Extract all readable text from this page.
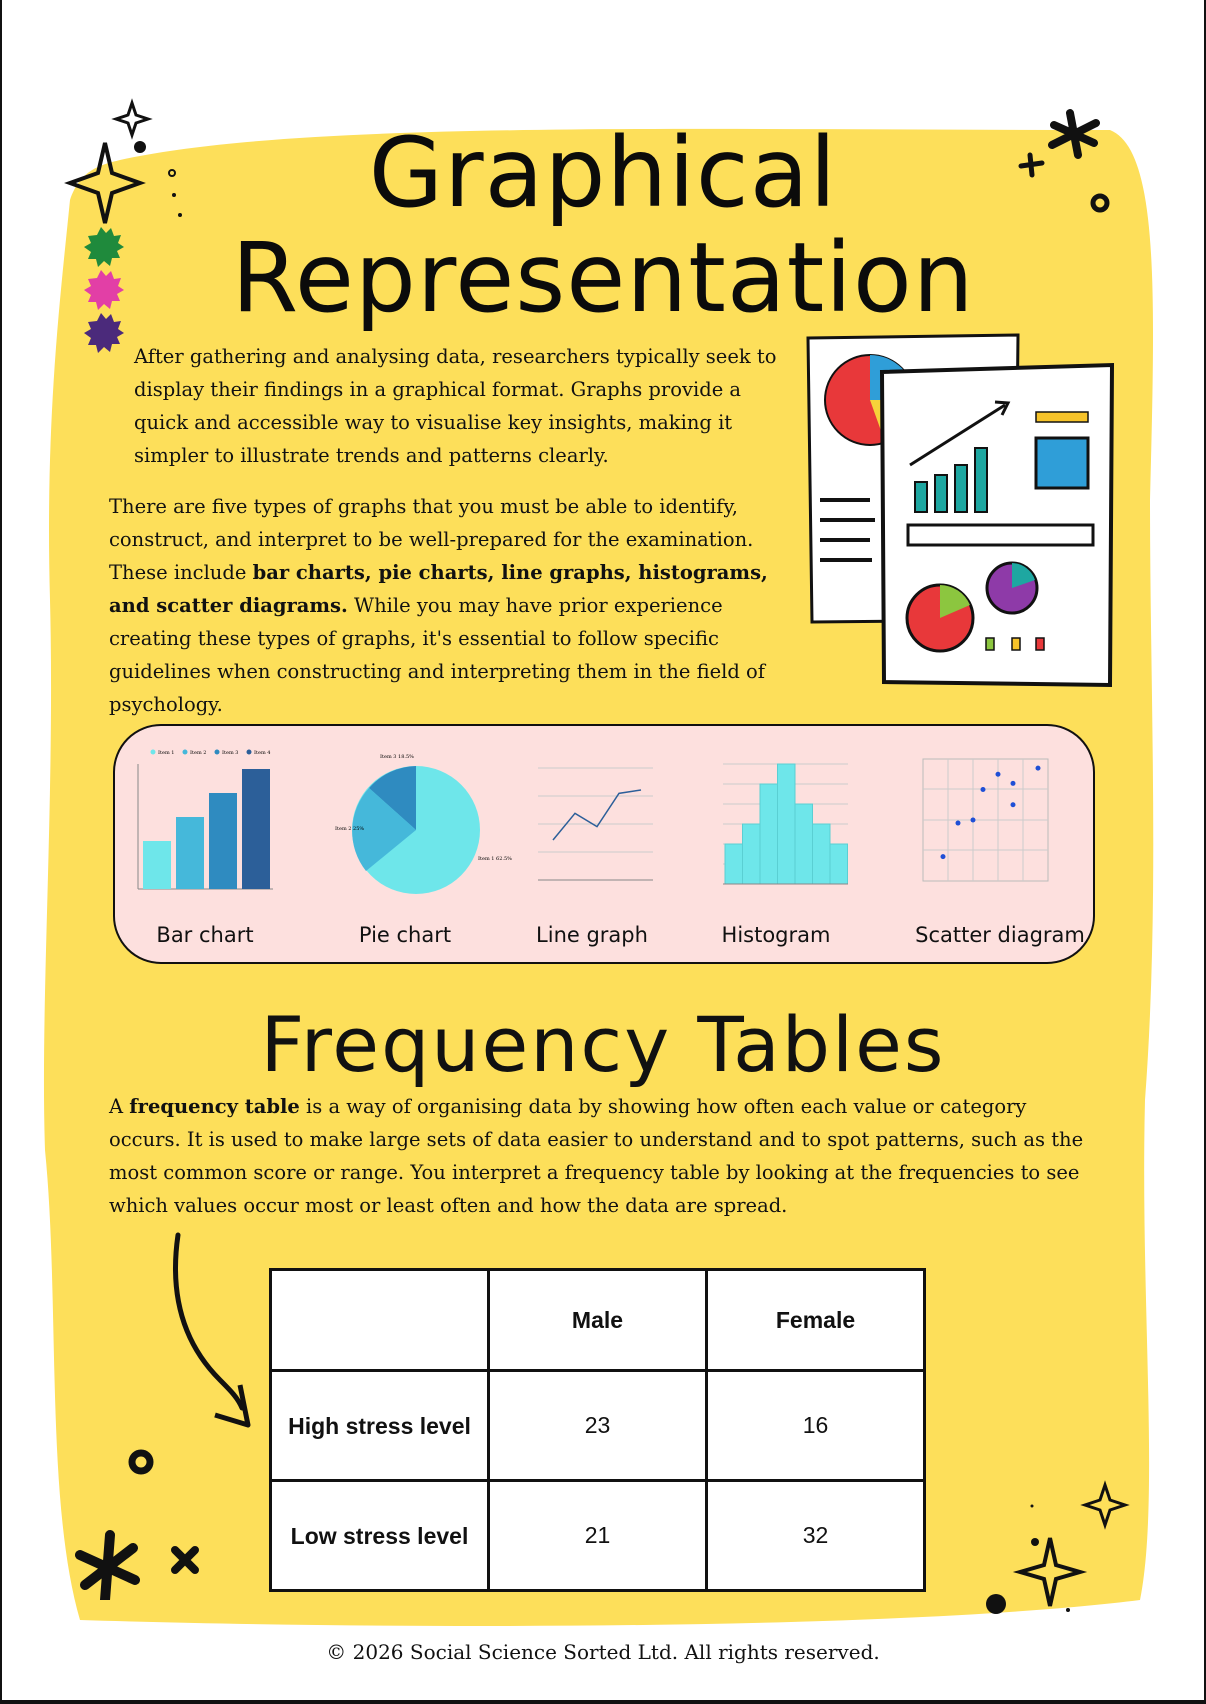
Graphical
Representation
After gathering and analysing data, researchers typically seek to display their findings in a graphical format. Graphs provide a quick and accessible way to visualise key insights, making it simpler to illustrate trends and patterns clearly.
There are five types of graphs that you must be able to identify, construct, and interpret to be well-prepared for the examination. These include bar charts, pie charts, line graphs, histograms, and scatter diagrams. While you may have prior experience creating these types of graphs, it's essential to follow specific guidelines when constructing and interpreting them in the field of psychology.
Item 1	Item 2	Item 3	Item 4
Item 3 18.5%
Item 2 25%
Item 1 62.5%
Bar chart	Pie chart	Line graph	Histogram	Scatter diagram
Frequency Tables
A frequency table is a way of organising data by showing how often each value or category occurs. It is used to make large sets of data easier to understand and to spot patterns, such as the most common score or range. You interpret a frequency table by looking at the frequencies to see which values occur most or least often and how the data are spread.
	Male	Female
High stress level	23	16
Low stress level	21	32
© 2026 Social Science Sorted Ltd. All rights reserved.
